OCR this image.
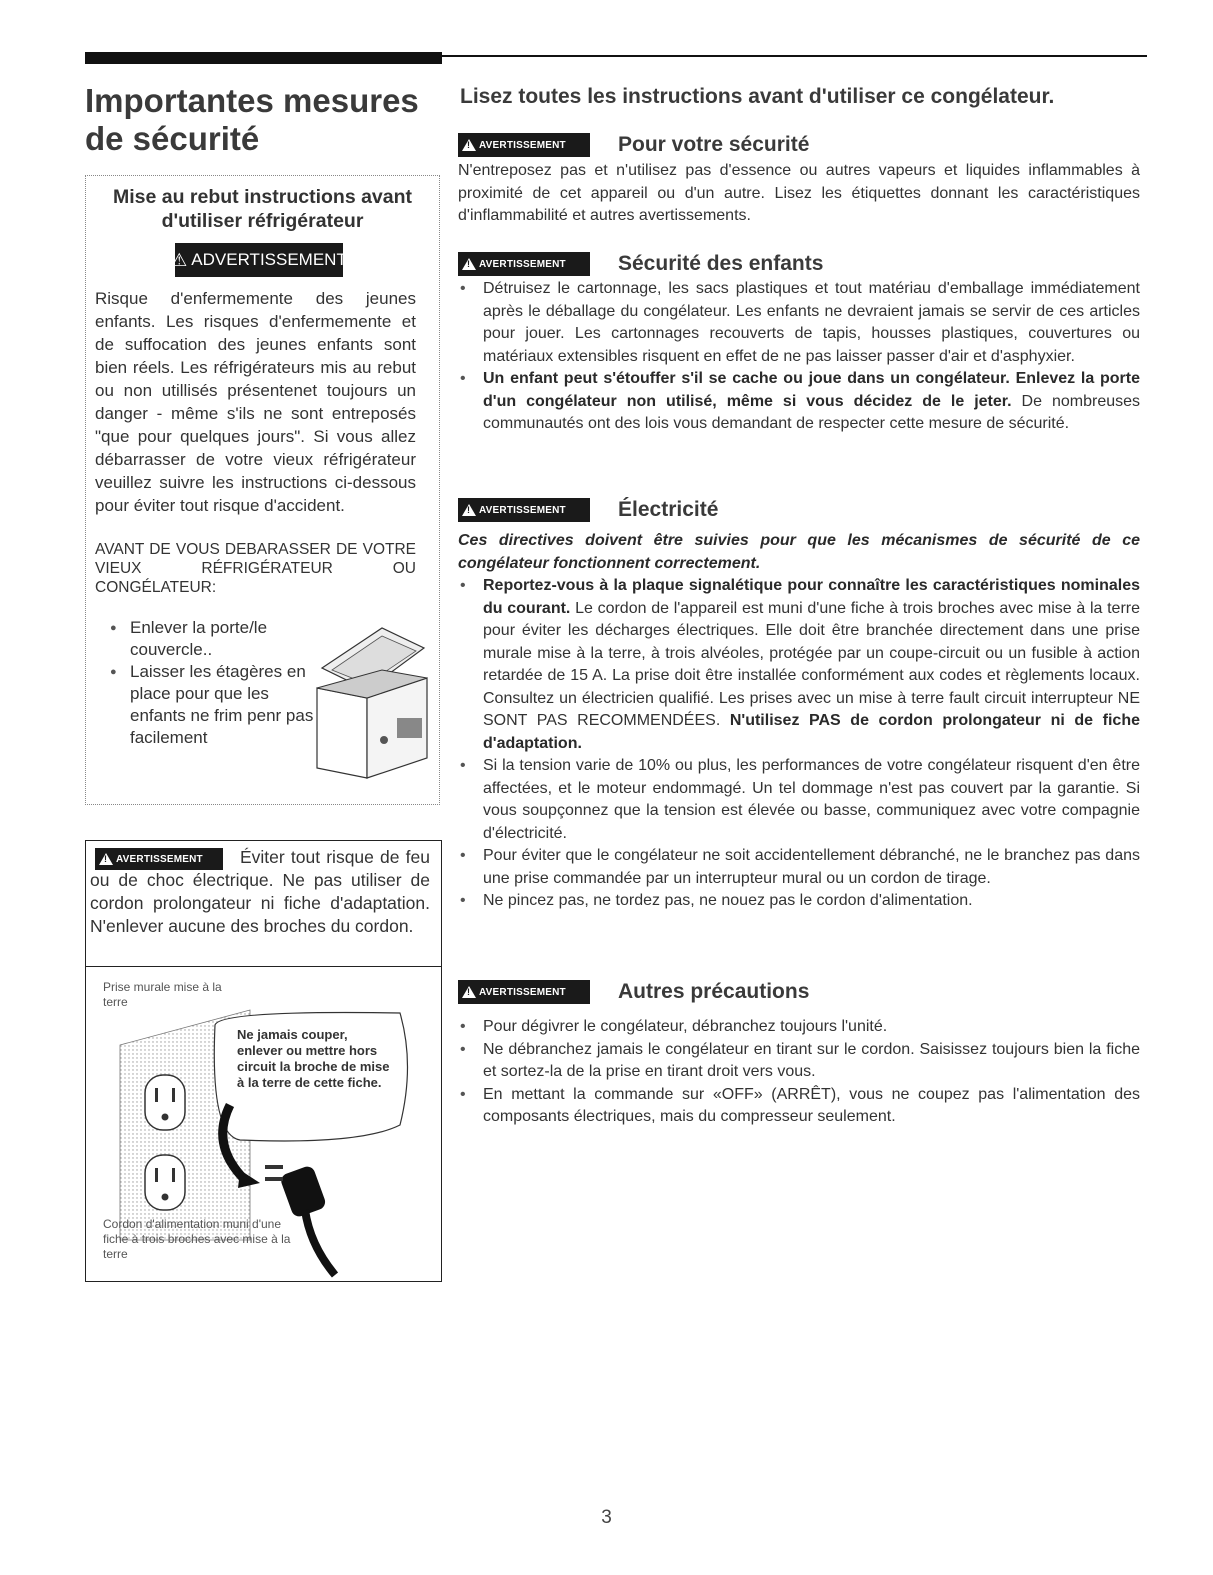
Importantes mesures de sécurité
Mise au rebut instructions avant d'utiliser réfrigérateur
⚠ ADVERTISSEMENT
Risque d'enfermemente des jeunes enfants. Les risques d'enfermemente et de suffocation des jeunes enfants sont bien réels. Les réfrigérateurs mis au rebut ou non utillisés présentenet toujours un danger - même s'ils ne sont entreposés "que pour quelques jours". Si vous allez débarrasser de votre vieux réfrigérateur veuillez suivre les instructions ci-dessous pour éviter tout risque d'accident.
AVANT DE VOUS DEBARASSER DE VOTRE VIEUX RÉFRIGÉRATEUR OU CONGÉLATEUR:
● Enlever la porte/le couvercle..
● Laisser les étagères en place pour que les enfants ne frim penr pas facilement
Éviter tout risque de feu ou de choc électrique. Ne pas utiliser de cordon prolongateur ni fiche d'adaptation. N'enlever aucune des broches du cordon.
!
AVERTISSEMENT
Prise murale mise à la terre
Ne jamais couper, enlever ou mettre hors circuit la broche de mise à la terre de cette fiche.
Cordon d'alimentation muni d'une fiche à trois broches avec mise à la terre
Lisez toutes les instructions avant d'utiliser ce congélateur.
!
AVERTISSEMENT Pour votre sécurité

N'entreposez pas et n'utilisez pas d'essence ou autres vapeurs et liquides inflammables à proximité de cet appareil ou d'un autre. Lisez les étiquettes donnant les caractéristiques d'inflammabilité et autres avertissements.

!
AVERTISSEMENT Sécurité des enfants
• Détruisez le cartonnage, les sacs plastiques et tout matériau d'emballage immédiatement après le déballage du congélateur. Les enfants ne devraient jamais se servir de ces articles pour jouer. Les cartonnages recouverts de tapis, housses plastiques, couvertures ou matériaux extensibles risquent en effet de ne pas laisser passer d'air et d'asphyxier.
• Un enfant peut s'étouffer s'il se cache ou joue dans un congélateur. Enlevez la porte d'un congélateur non utilisé, même si vous décidez de le jeter. De nombreuses communautés ont des lois vous demandant de respecter cette mesure de sécurité.
!
AVERTISSEMENT Électricité

Ces directives doivent être suivies pour que les mécanismes de sécurité de ce congélateur fonctionnent correctement.

• Reportez-vous à la plaque signalétique pour connaître les caractéristiques nominales du courant. Le cordon de l'appareil est muni d'une fiche à trois broches avec mise à la terre pour éviter les décharges électriques. Elle doit être branchée directement dans une prise murale mise à la terre, à trois alvéoles, protégée par un coupe-circuit ou un fusible à action retardée de 15 A. La prise doit être installée conformément aux codes et règlements locaux. Consultez un électricien qualifié. Les prises avec un mise à terre fault circuit interrupteur NE SONT PAS RECOMMENDÉES. N'utilisez PAS de cordon prolongateur ni de fiche d'adaptation.
• Si la tension varie de 10% ou plus, les performances de votre congélateur risquent d'en être affectées, et le moteur endommagé. Un tel dommage n'est pas couvert par la garantie. Si vous soupçonnez que la tension est élevée ou basse, communiquez avec votre compagnie d'électricité.
• Pour éviter que le congélateur ne soit accidentellement débranché, ne le branchez pas dans une prise commandée par un interrupteur mural ou un cordon de tirage.
• Ne pincez pas, ne tordez pas, ne nouez pas le cordon d'alimentation.
!
AVERTISSEMENT Autres précautions
• Pour dégivrer le congélateur, débranchez toujours l'unité.
• Ne débranchez jamais le congélateur en tirant sur le cordon. Saisissez toujours bien la fiche et sortez-la de la prise en tirant droit vers vous.
• En mettant la commande sur «OFF» (ARRÊT), vous ne coupez pas l'alimentation des composants électriques, mais du compresseur seulement.
3
